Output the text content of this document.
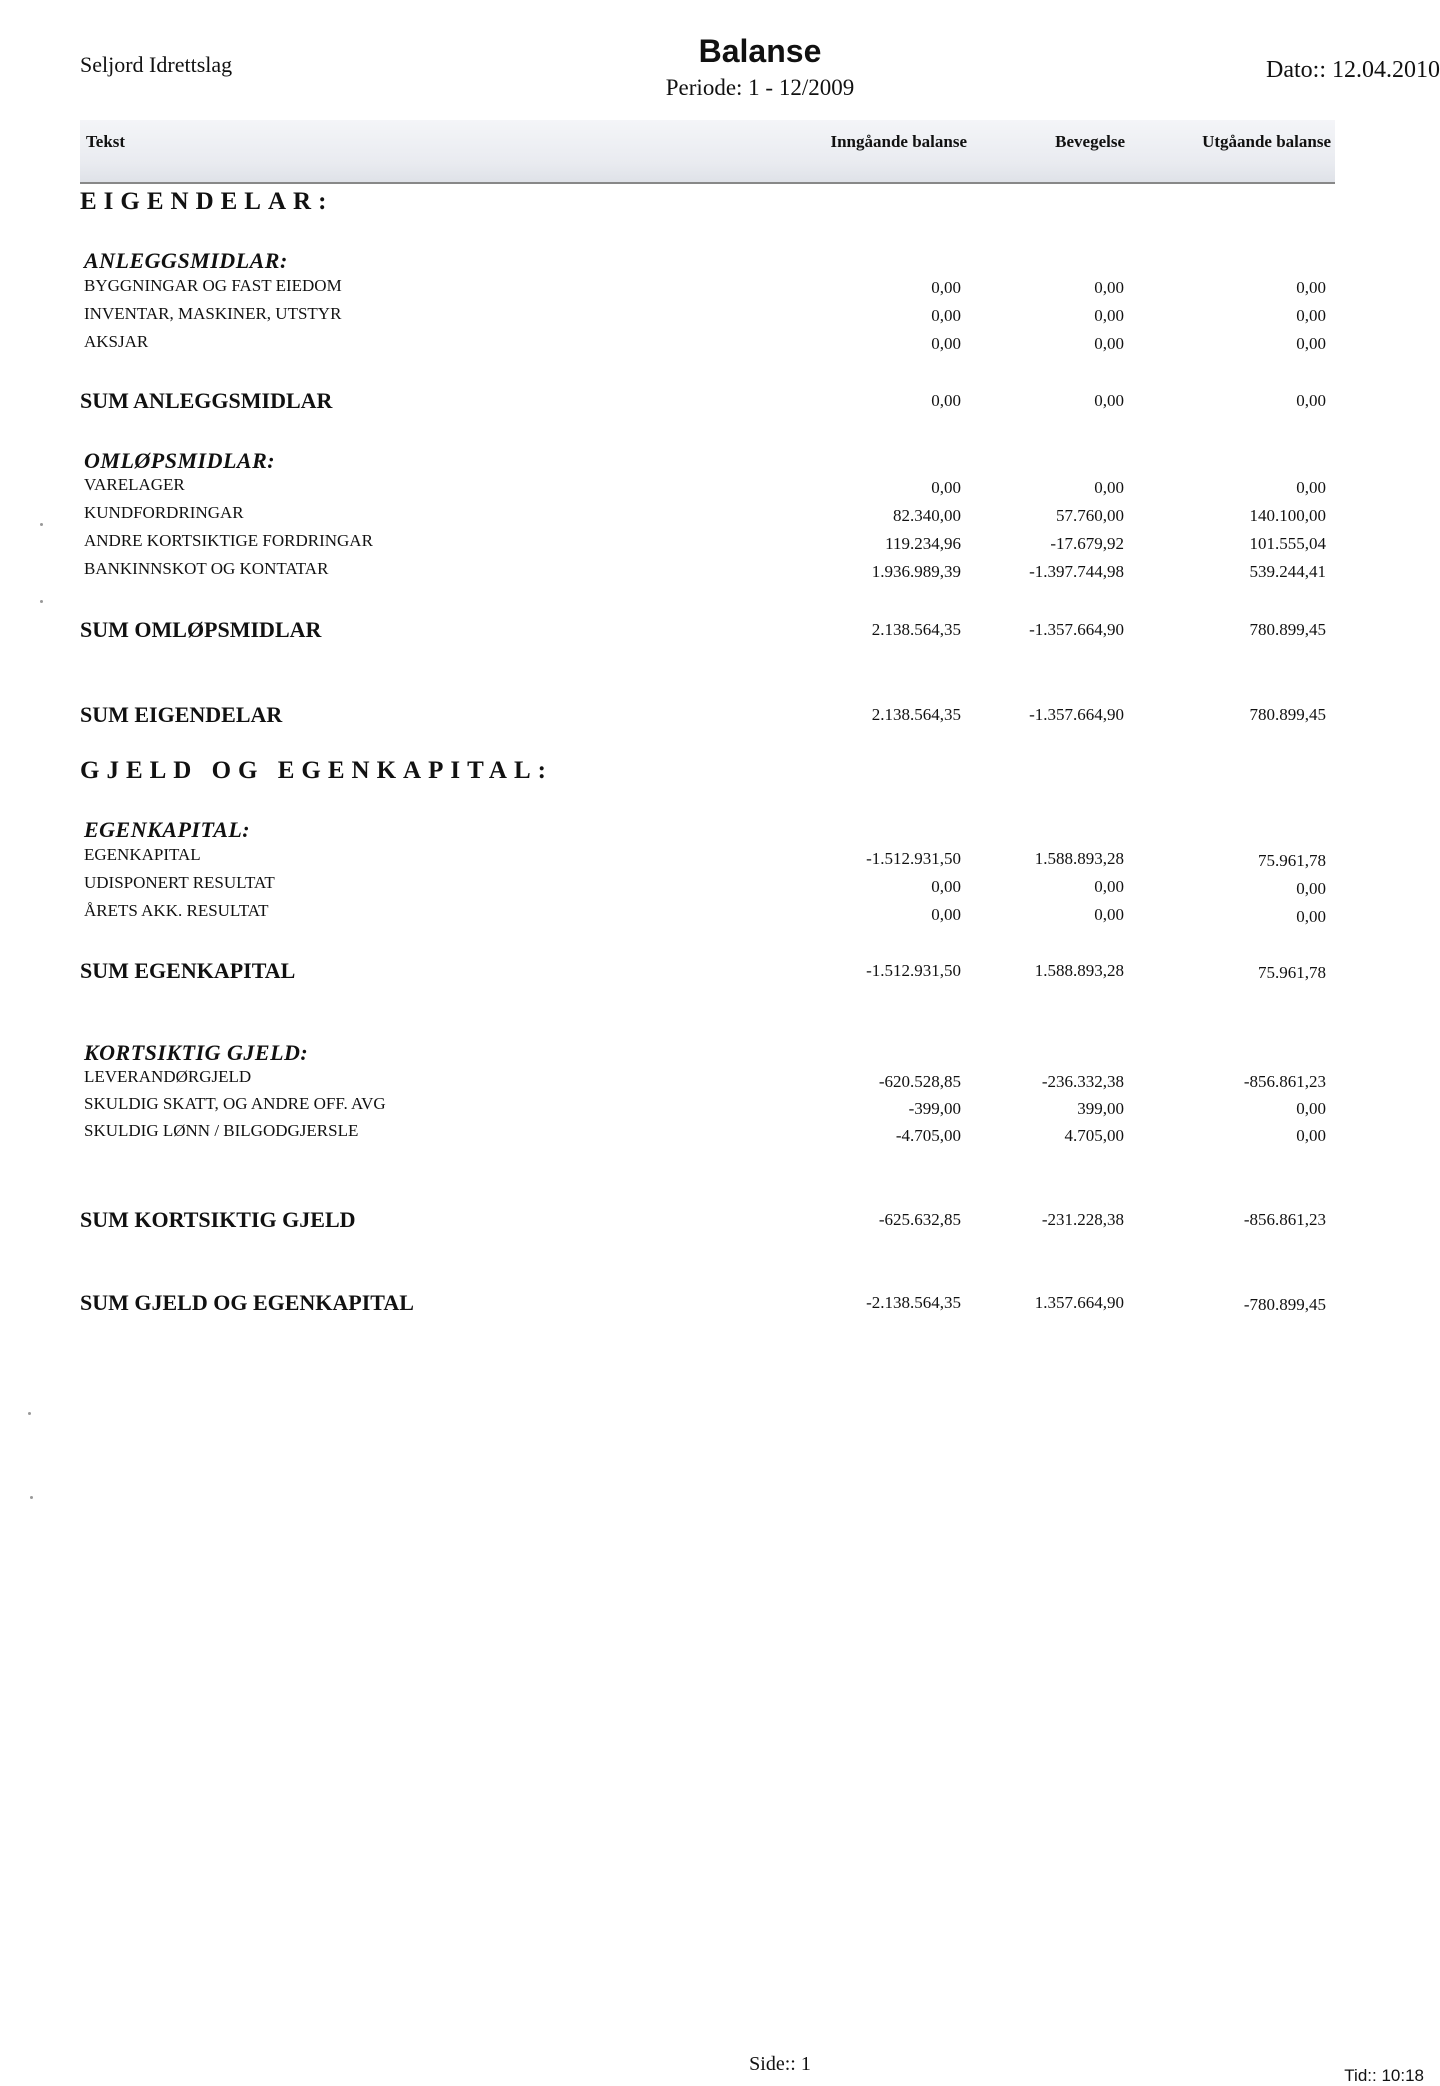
Seljord Idrettslag	Balanse
Periode: 1 - 12/2009
Dato:: 12.04.2010
Tekst	Inngåande balanse	Bevegelse	Utgåande balanse
EIGENDELAR:
ANLEGGSMIDLAR:
BYGGNINGAR OG FAST EIEDOM	0,00	0,00	0,00
INVENTAR, MASKINER, UTSTYR	0,00	0,00	0,00
AKSJAR	0,00	0,00	0,00
SUM ANLEGGSMIDLAR	0,00	0,00	0,00
OMLØPSMIDLAR:
VARELAGER	0,00	0,00	0,00
KUNDFORDRINGAR	82.340,00	57.760,00	140.100,00
ANDRE KORTSIKTIGE FORDRINGAR	119.234,96	-17.679,92	101.555,04
BANKINNSKOT OG KONTATAR	1.936.989,39	-1.397.744,98	539.244,41
SUM OMLØPSMIDLAR	2.138.564,35	-1.357.664,90	780.899,45
SUM EIGENDELAR	2.138.564,35	-1.357.664,90	780.899,45
GJELD OG EGENKAPITAL:
EGENKAPITAL:
EGENKAPITAL	-1.512.931,50	1.588.893,28	75.961,78
UDISPONERT RESULTAT	0,00	0,00	0,00
ÅRETS AKK. RESULTAT	0,00	0,00	0,00
SUM EGENKAPITAL	-1.512.931,50	1.588.893,28	75.961,78
KORTSIKTIG GJELD:
LEVERANDØRGJELD	-620.528,85	-236.332,38	-856.861,23
SKULDIG SKATT, OG ANDRE OFF. AVG	-399,00	399,00	0,00
SKULDIG LØNN / BILGODGJERSLE	-4.705,00	4.705,00	0,00
SUM KORTSIKTIG GJELD	-625.632,85	-231.228,38	-856.861,23
SUM GJELD OG EGENKAPITAL	-2.138.564,35	1.357.664,90	-780.899,45
Side:: 1
Tid:: 10:18
